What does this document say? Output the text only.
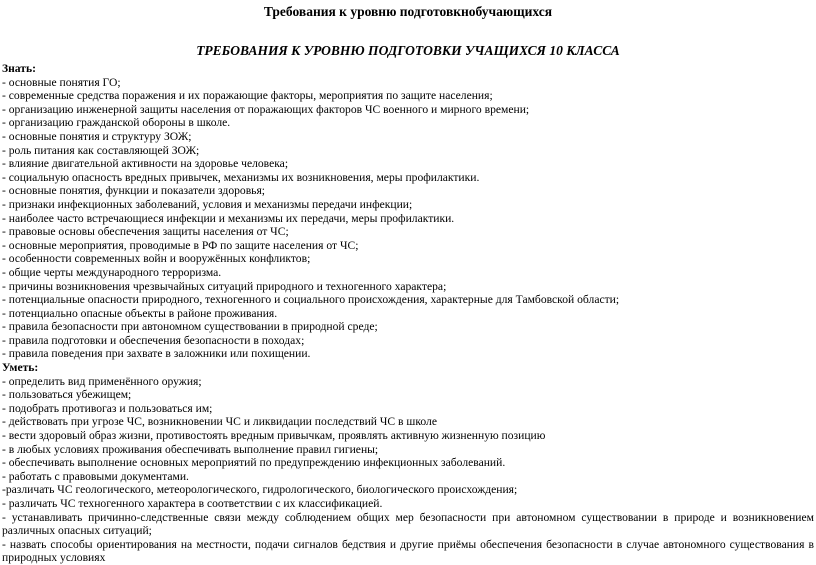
Требования к уровню подготовкнобучающихся
ТРЕБОВАНИЯ К УРОВНЮ ПОДГОТОВКИ УЧАЩИХСЯ 10 КЛАССА
Знать:
- основные понятия ГО;
- современные средства поражения и их поражающие факторы, мероприятия по защите населения;
- организацию инженерной защиты населения от поражающих факторов ЧС военного и мирного времени;
- организацию гражданской обороны в школе.
- основные понятия и структуру ЗОЖ;
- роль питания как составляющей ЗОЖ;
- влияние двигательной активности на здоровье человека;
- социальную опасность вредных привычек, механизмы их возникновения, меры профилактики.
- основные понятия, функции и показатели здоровья;
- признаки инфекционных заболеваний, условия и механизмы передачи инфекции;
- наиболее часто встречающиеся инфекции и механизмы их передачи, меры профилактики.
- правовые основы обеспечения защиты населения от ЧС;
- основные мероприятия, проводимые в РФ по защите населения от ЧС;
- особенности современных войн и вооружённых конфликтов;
- общие черты международного терроризма.
- причины возникновения чрезвычайных ситуаций природного и техногенного характера;
- потенциальные опасности природного, техногенного и социального происхождения, характерные для Тамбовской области;
- потенциально опасные объекты в районе проживания.
- правила безопасности при автономном существовании в природной среде;
- правила подготовки и обеспечения безопасности в походах;
- правила поведения при захвате в заложники или похищении.
Уметь:
- определить вид применённого оружия;
- пользоваться убежищем;
- подобрать противогаз и пользоваться им;
- действовать при угрозе ЧС, возникновении ЧС и ликвидации последствий ЧС в школе
- вести здоровый образ жизни, противостоять вредным привычкам, проявлять активную жизненную позицию
- в любых условиях проживания обеспечивать выполнение правил гигиены;
- обеспечивать выполнение основных мероприятий по предупреждению инфекционных заболеваний.
- работать с правовыми документами.
-различать ЧС геологического, метеорологического, гидрологического, биологического происхождения;
- различать ЧС техногенного характера в соответствии с их классификацией.
- устанавливать причинно-следственные связи между соблюдением общих мер безопасности при автономном существовании в природе и возникновением различных опасных ситуаций;
- назвать способы ориентирования на местности, подачи сигналов бедствия и другие приёмы обеспечения безопасности в случае автономного существования в природных условиях
